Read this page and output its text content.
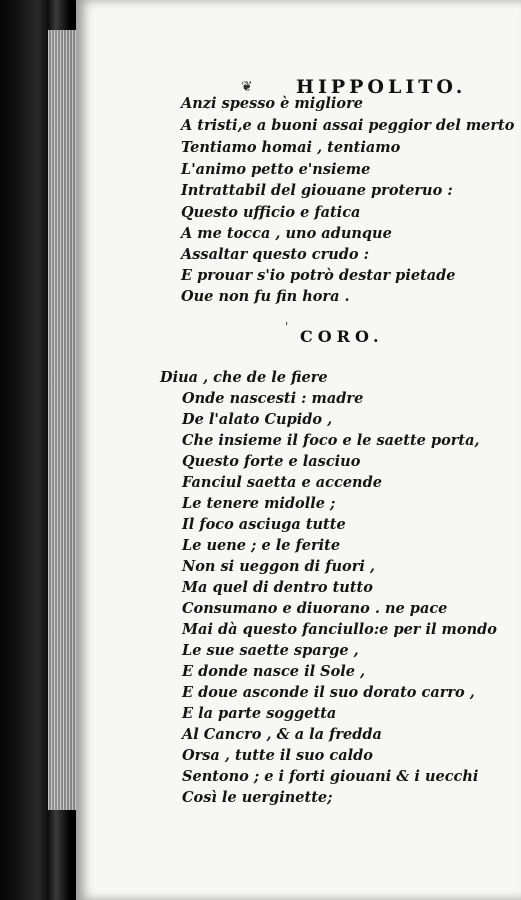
❦ HIPPOLITO.
Anzi spesso è migliore
A tristi,e a buoni assai peggior del merto
Tentiamo homai , tentiamo
L'animo petto e'nsieme
Intrattabil del giouane proteruo :
Questo ufficio e fatica
A me tocca , uno adunque
Assaltar questo crudo :
E prouar s'io potrò destar pietade
Oue non fu fin hora .
' CORO.
Diua , che de le fiere
Onde nascesti : madre
De l'alato Cupido ,
Che insieme il foco e le saette porta,
Questo forte e lasciuo
Fanciul saetta e accende
Le tenere midolle ;
Il foco asciuga tutte
Le uene ; e le ferite
Non si ueggon di fuori ,
Ma quel di dentro tutto
Consumano e diuorano . ne pace
Mai dà questo fanciullo:e per il mondo
Le sue saette sparge ,
E donde nasce il Sole ,
E doue asconde il suo dorato carro ,
E la parte soggetta
Al Cancro , & a la fredda
Orsa , tutte il suo caldo
Sentono ; e i forti giouani & i uecchi
Così le uerginette;
